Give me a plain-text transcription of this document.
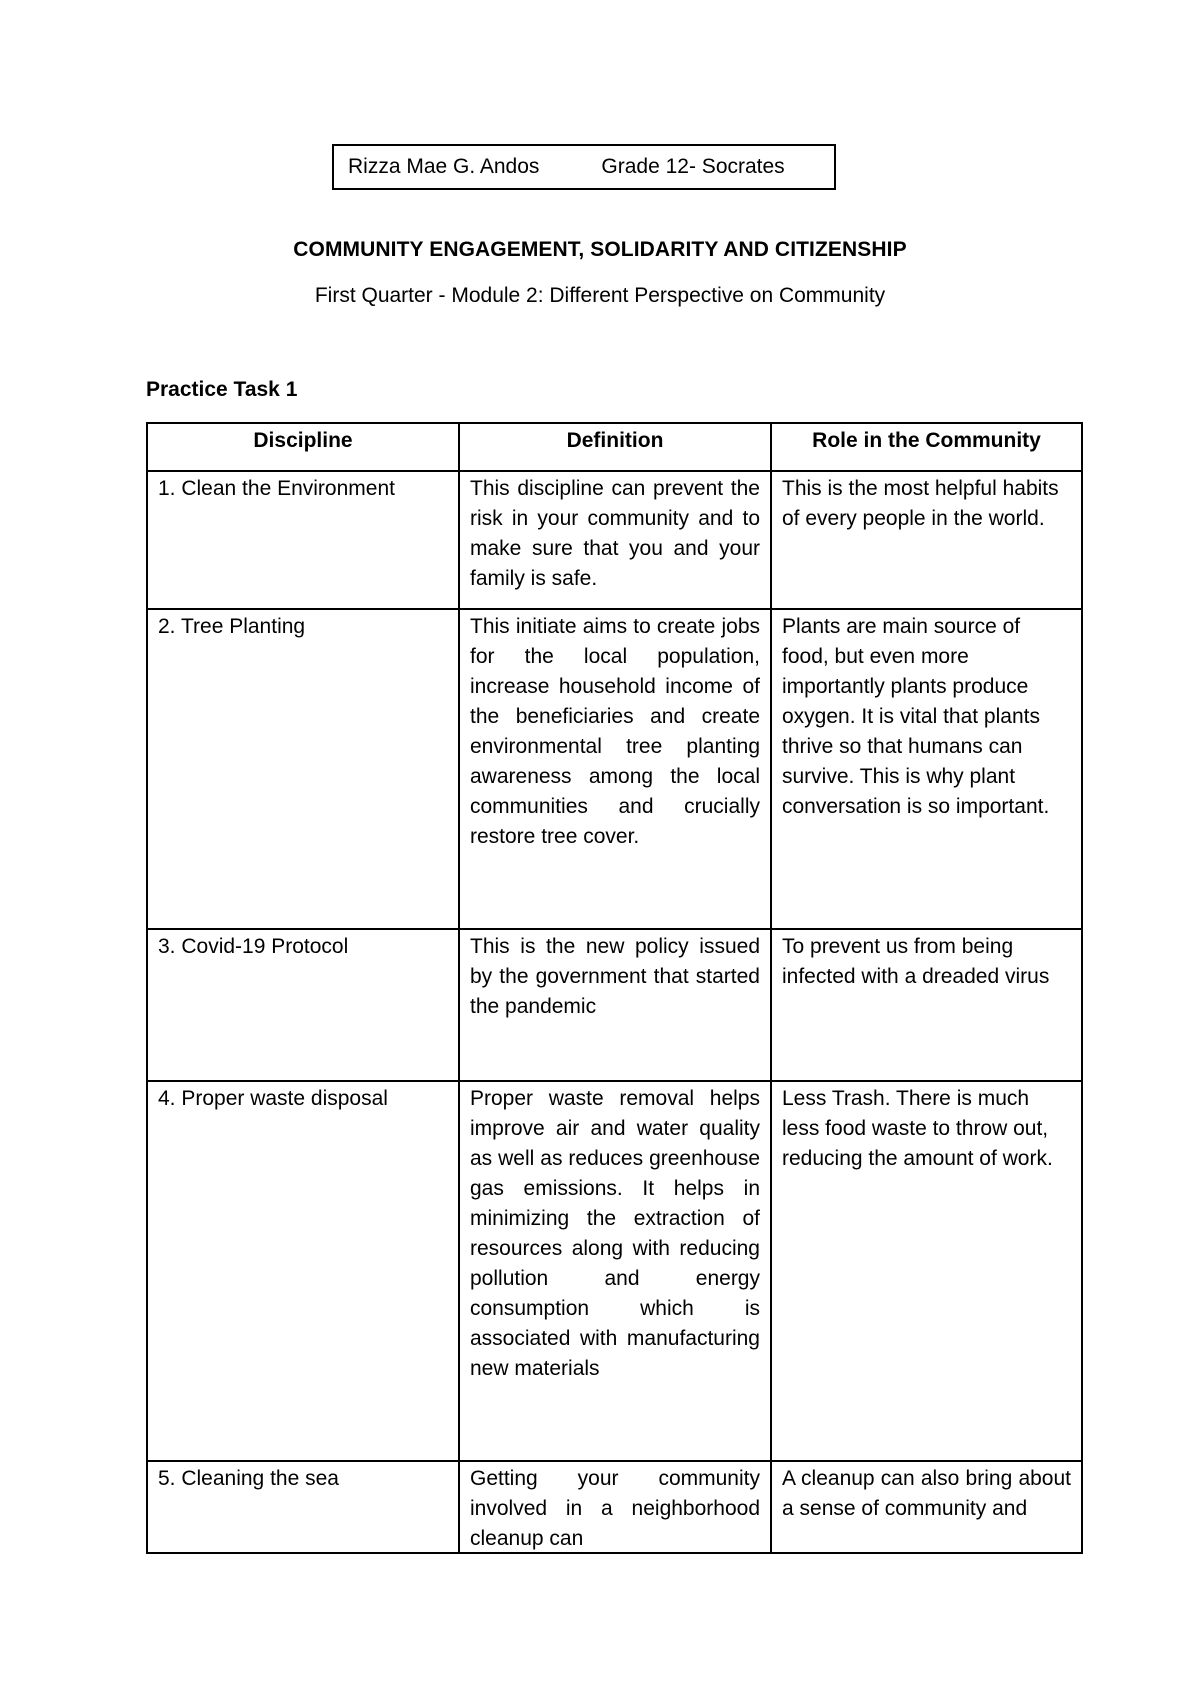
Rizza Mae G. Andos	Grade 12- Socrates
COMMUNITY ENGAGEMENT, SOLIDARITY AND CITIZENSHIP
First Quarter - Module 2: Different Perspective on Community
Practice Task 1
Discipline	Definition	Role in the Community
1. Clean the Environment	This discipline can prevent the risk in your community and to make sure that you and your family is safe.	This is the most helpful habits of every people in the world.
2. Tree Planting	This initiate aims to create jobs for the local population, increase household income of the beneficiaries and create environmental tree planting awareness among the local communities and crucially restore tree cover.	Plants are main source of food, but even more importantly plants produce oxygen. It is vital that plants thrive so that humans can survive. This is why plant conversation is so important.
3. Covid-19 Protocol	This is the new policy issued by the government that started the pandemic	To prevent us from being infected with a dreaded virus
4. Proper waste disposal	Proper waste removal helps improve air and water quality as well as reduces greenhouse gas emissions. It helps in minimizing the extraction of resources along with reducing pollution and energy consumption which is associated with manufacturing new materials	Less Trash. There is much less food waste to throw out, reducing the amount of work.

5. Cleaning the sea	Getting your community involved in a neighborhood cleanup can	A cleanup can also bring about a sense of community and
